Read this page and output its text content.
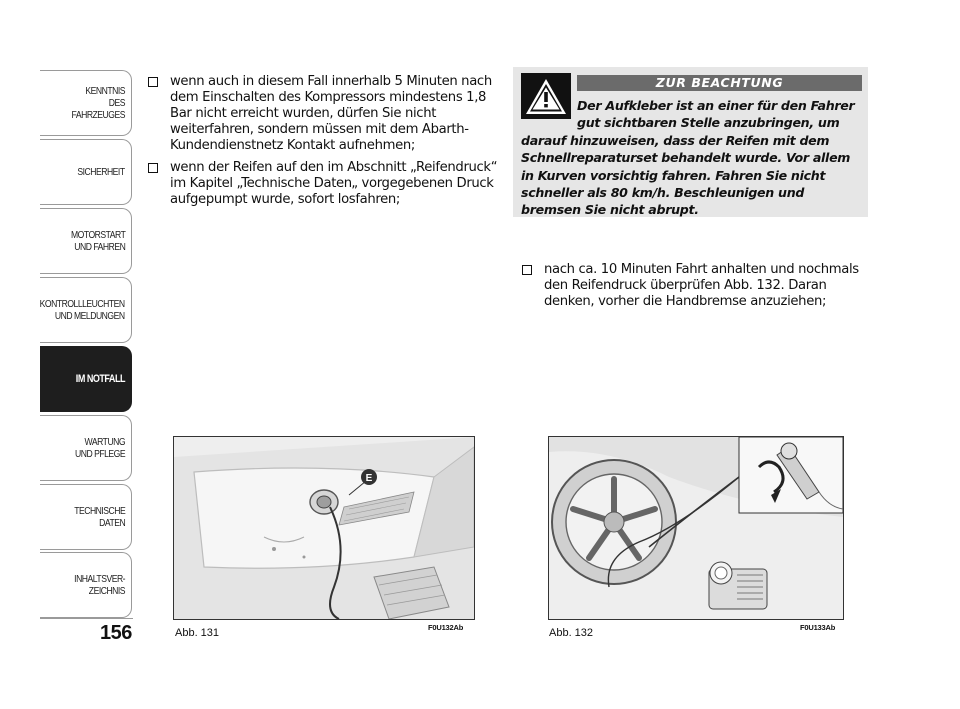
KENNTNIS
DES FAHRZEUGES
SICHERHEIT
MOTORSTART
UND FAHREN
KONTROLLLEUCHTEN
UND MELDUNGEN
IM NOTFALL
WARTUNG
UND PFLEGE
TECHNISCHE
DATEN
INHALTSVER-
ZEICHNIS
156
wenn auch in diesem Fall innerhalb 5 Minuten nach dem Einschalten des Kompressors mindestens 1,8 Bar nicht erreicht wurden, dürfen Sie nicht weiterfahren, sondern müssen mit dem Abarth-Kundendienstnetz Kontakt aufnehmen;
wenn der Reifen auf den im Abschnitt „Reifendruck“ im Kapitel „Technische Daten„ vorgegebenen Druck aufgepumpt wurde, sofort losfahren;
ZUR BEACHTUNG
Der Aufkleber ist an einer für den Fahrer gut sichtbaren Stelle anzubringen, um
darauf hinzuweisen, dass der Reifen mit dem Schnellreparaturset behandelt wurde. Vor allem in Kurven vorsichtig fahren. Fahren Sie nicht schneller als 80 km/h. Beschleunigen und bremsen Sie nicht abrupt.
nach ca. 10 Minuten Fahrt anhalten und nochmals den Reifendruck überprüfen Abb. 132. Daran denken, vorher die Handbremse anzuziehen;
E
Abb. 131	F0U132Ab	Abb. 132	F0U133Ab
